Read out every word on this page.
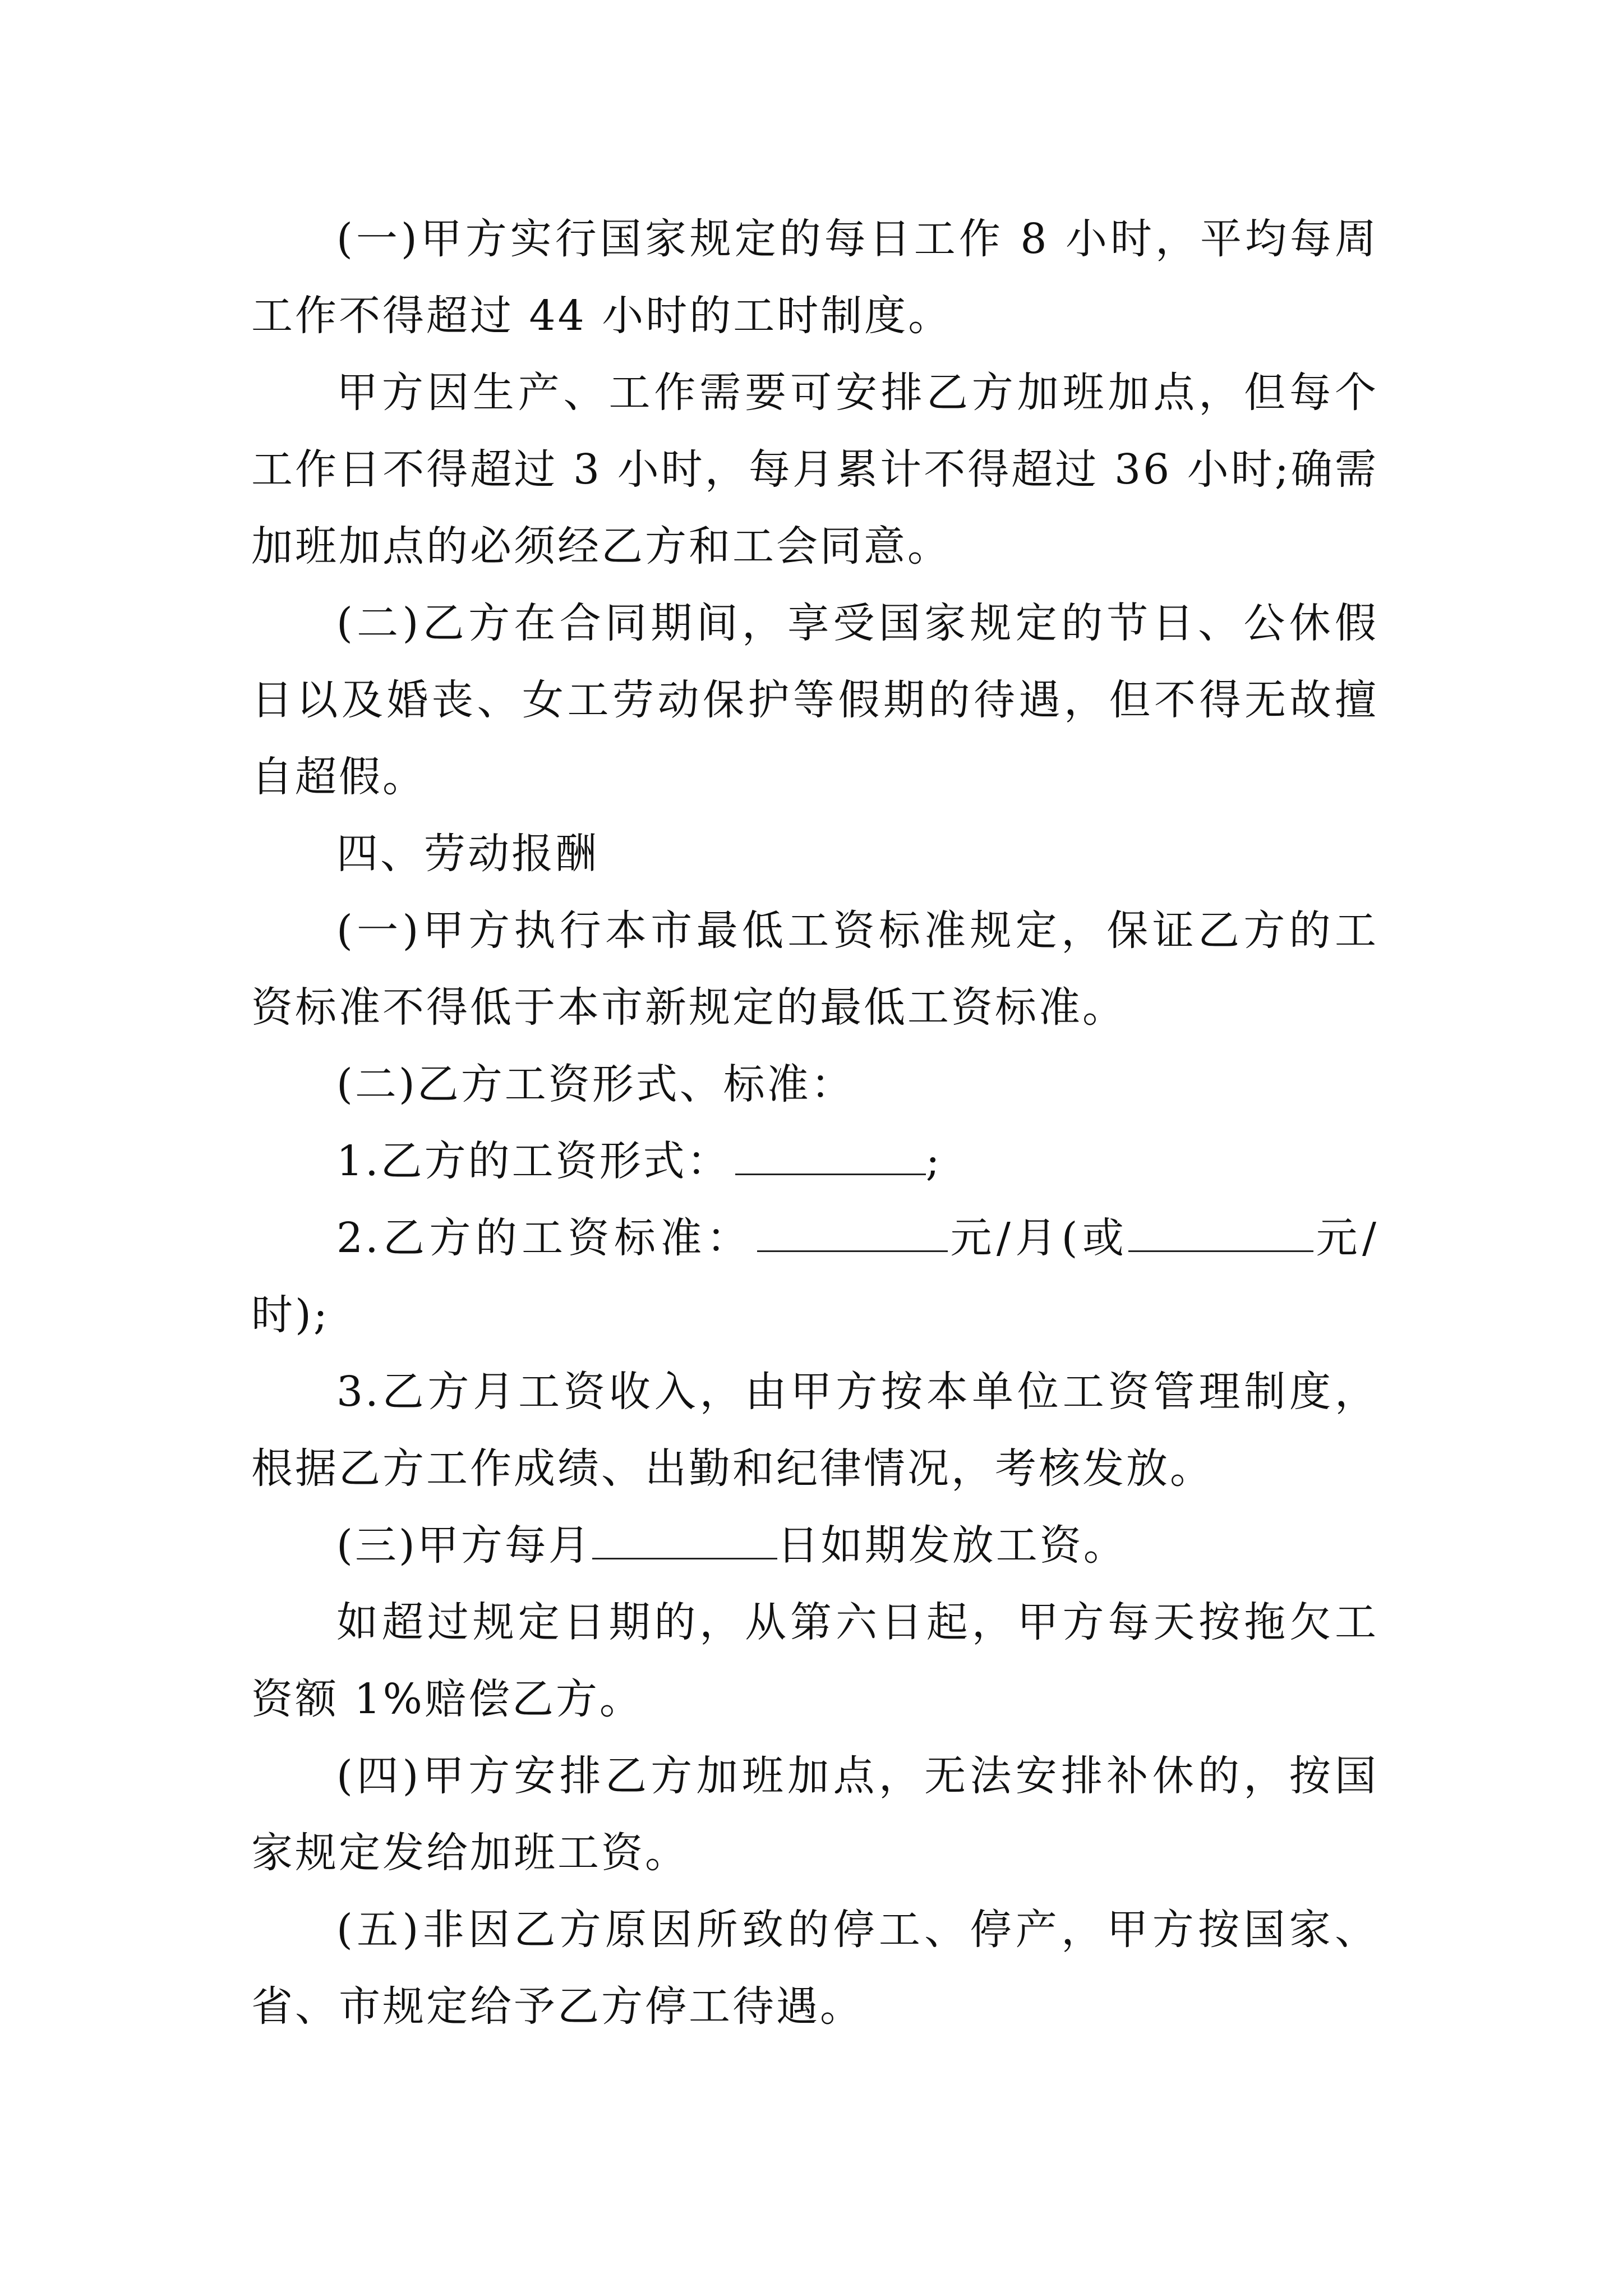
(一)甲方实行国家规定的每日工作 8 小时，平均每周工作不得超过 44 小时的工时制度。

甲方因生产、工作需要可安排乙方加班加点，但每个工作日不得超过 3 小时，每月累计不得超过 36 小时;确需加班加点的必须经乙方和工会同意。

(二)乙方在合同期间，享受国家规定的节日、公休假日以及婚丧、女工劳动保护等假期的待遇，但不得无故擅自超假。

四、劳动报酬

(一)甲方执行本市最低工资标准规定，保证乙方的工资标准不得低于本市新规定的最低工资标准。

(二)乙方工资形式、标准：

1.乙方的工资形式：	;

2.乙方的工资标准：	元/月(或	元/时);

3.乙方月工资收入，由甲方按本单位工资管理制度，根据乙方工作成绩、出勤和纪律情况，考核发放。

(三)甲方每月	日如期发放工资。

如超过规定日期的，从第六日起，甲方每天按拖欠工资额 1%赔偿乙方。

(四)甲方安排乙方加班加点，无法安排补休的，按国家规定发给加班工资。

(五)非因乙方原因所致的停工、停产，甲方按国家、省、市规定给予乙方停工待遇。
